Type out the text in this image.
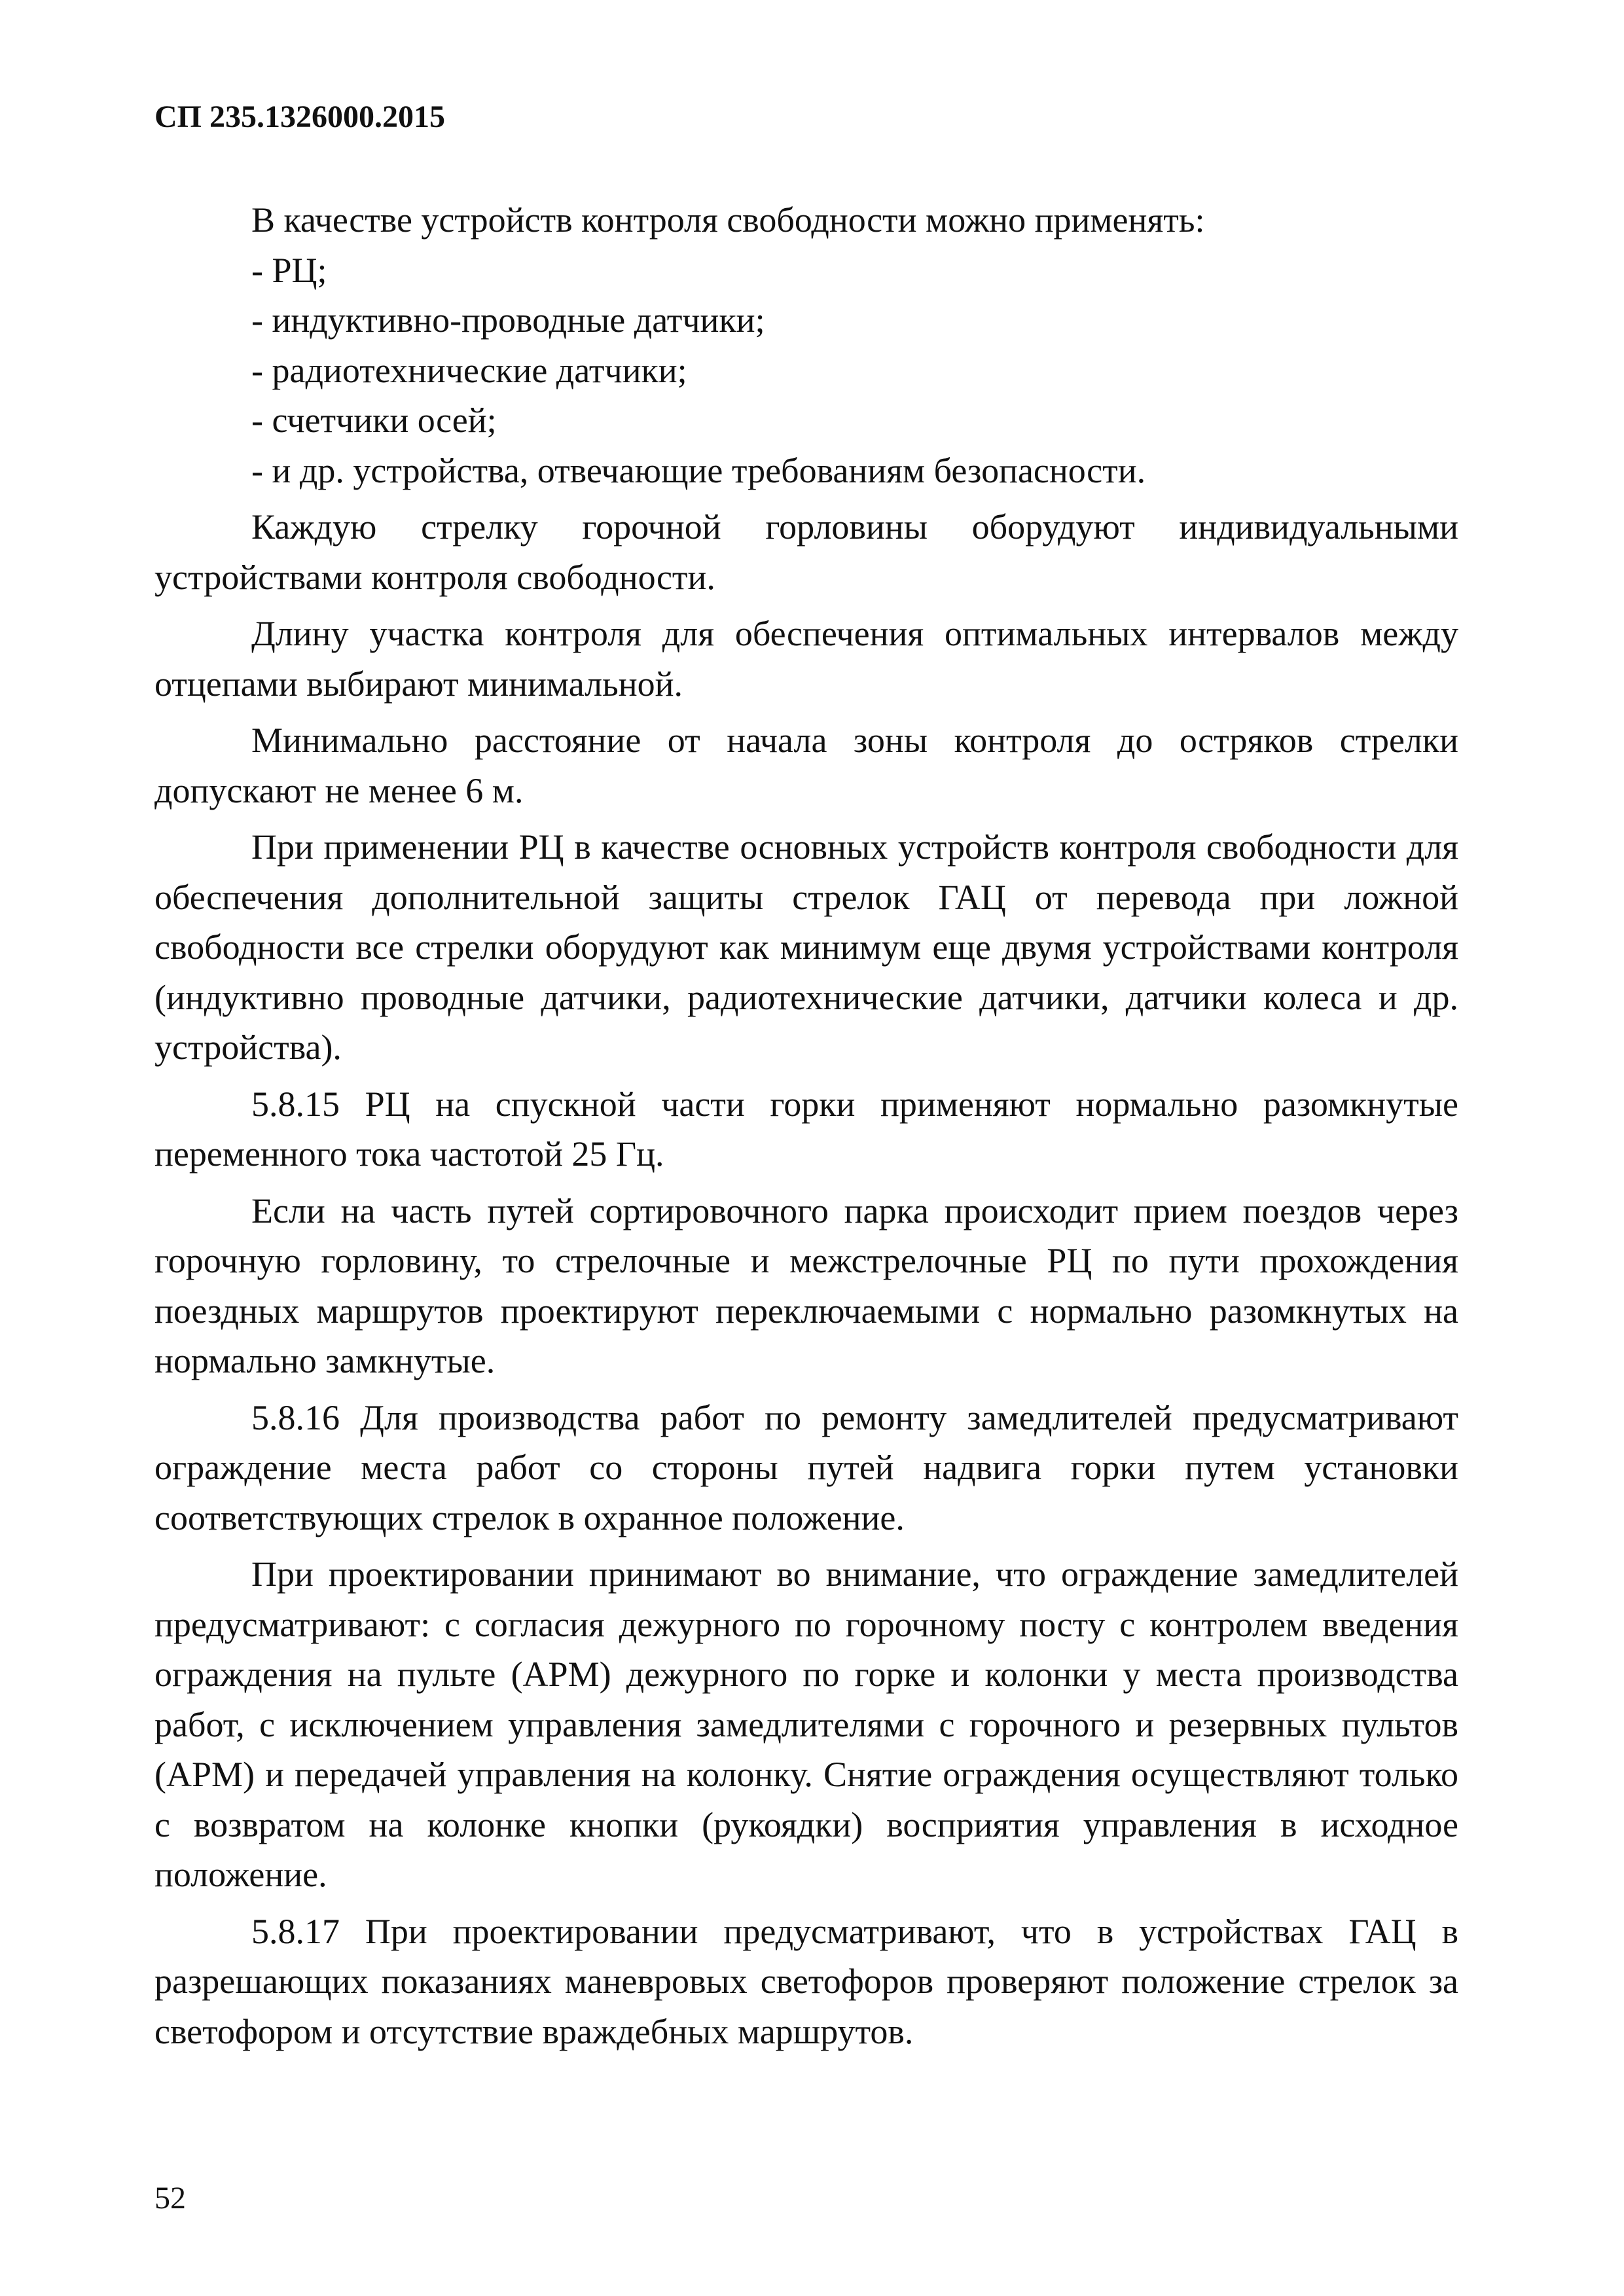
СП 235.1326000.2015

В качестве устройств контроля свободности можно применять:

- РЦ;

- индуктивно-проводные датчики;

- радиотехнические датчики;

- счетчики осей;

- и др. устройства, отвечающие требованиям безопасности.

Каждую стрелку горочной горловины оборудуют индивидуальными устройствами контроля свободности.

Длину участка контроля для обеспечения оптимальных интервалов между отцепами выбирают минимальной.

Минимально расстояние от начала зоны контроля до остряков стрелки допускают не менее 6 м.

При применении РЦ в качестве основных устройств контроля свободности для обеспечения дополнительной защиты стрелок ГАЦ от перевода при ложной свободности все стрелки оборудуют как минимум еще двумя устройствами контроля (индуктивно проводные датчики, радиотехнические датчики, датчики колеса и др. устройства).

5.8.15 РЦ на спускной части горки применяют нормально разомкнутые переменного тока частотой 25 Гц.

Если на часть путей сортировочного парка происходит прием поездов через горочную горловину, то стрелочные и межстрелочные РЦ по пути прохождения поездных маршрутов проектируют переключаемыми с нормально разомкнутых на нормально замкнутые.

5.8.16 Для производства работ по ремонту замедлителей предусматривают ограждение места работ со стороны путей надвига горки путем установки соответствующих стрелок в охранное положение.

При проектировании принимают во внимание, что ограждение замедлителей предусматривают: с согласия дежурного по горочному посту с контролем введения ограждения на пульте (АРМ) дежурного по горке и колонки у места производства работ, с исключением управления замедлителями с горочного и резервных пультов (АРМ) и передачей управления на колонку. Снятие ограждения осуществляют только с возвратом на колонке кнопки (рукоядки) восприятия управления в исходное положение.

5.8.17 При проектировании предусматривают, что в устройствах ГАЦ в разрешающих показаниях маневровых светофоров проверяют положение стрелок за светофором и отсутствие враждебных маршрутов.

52
